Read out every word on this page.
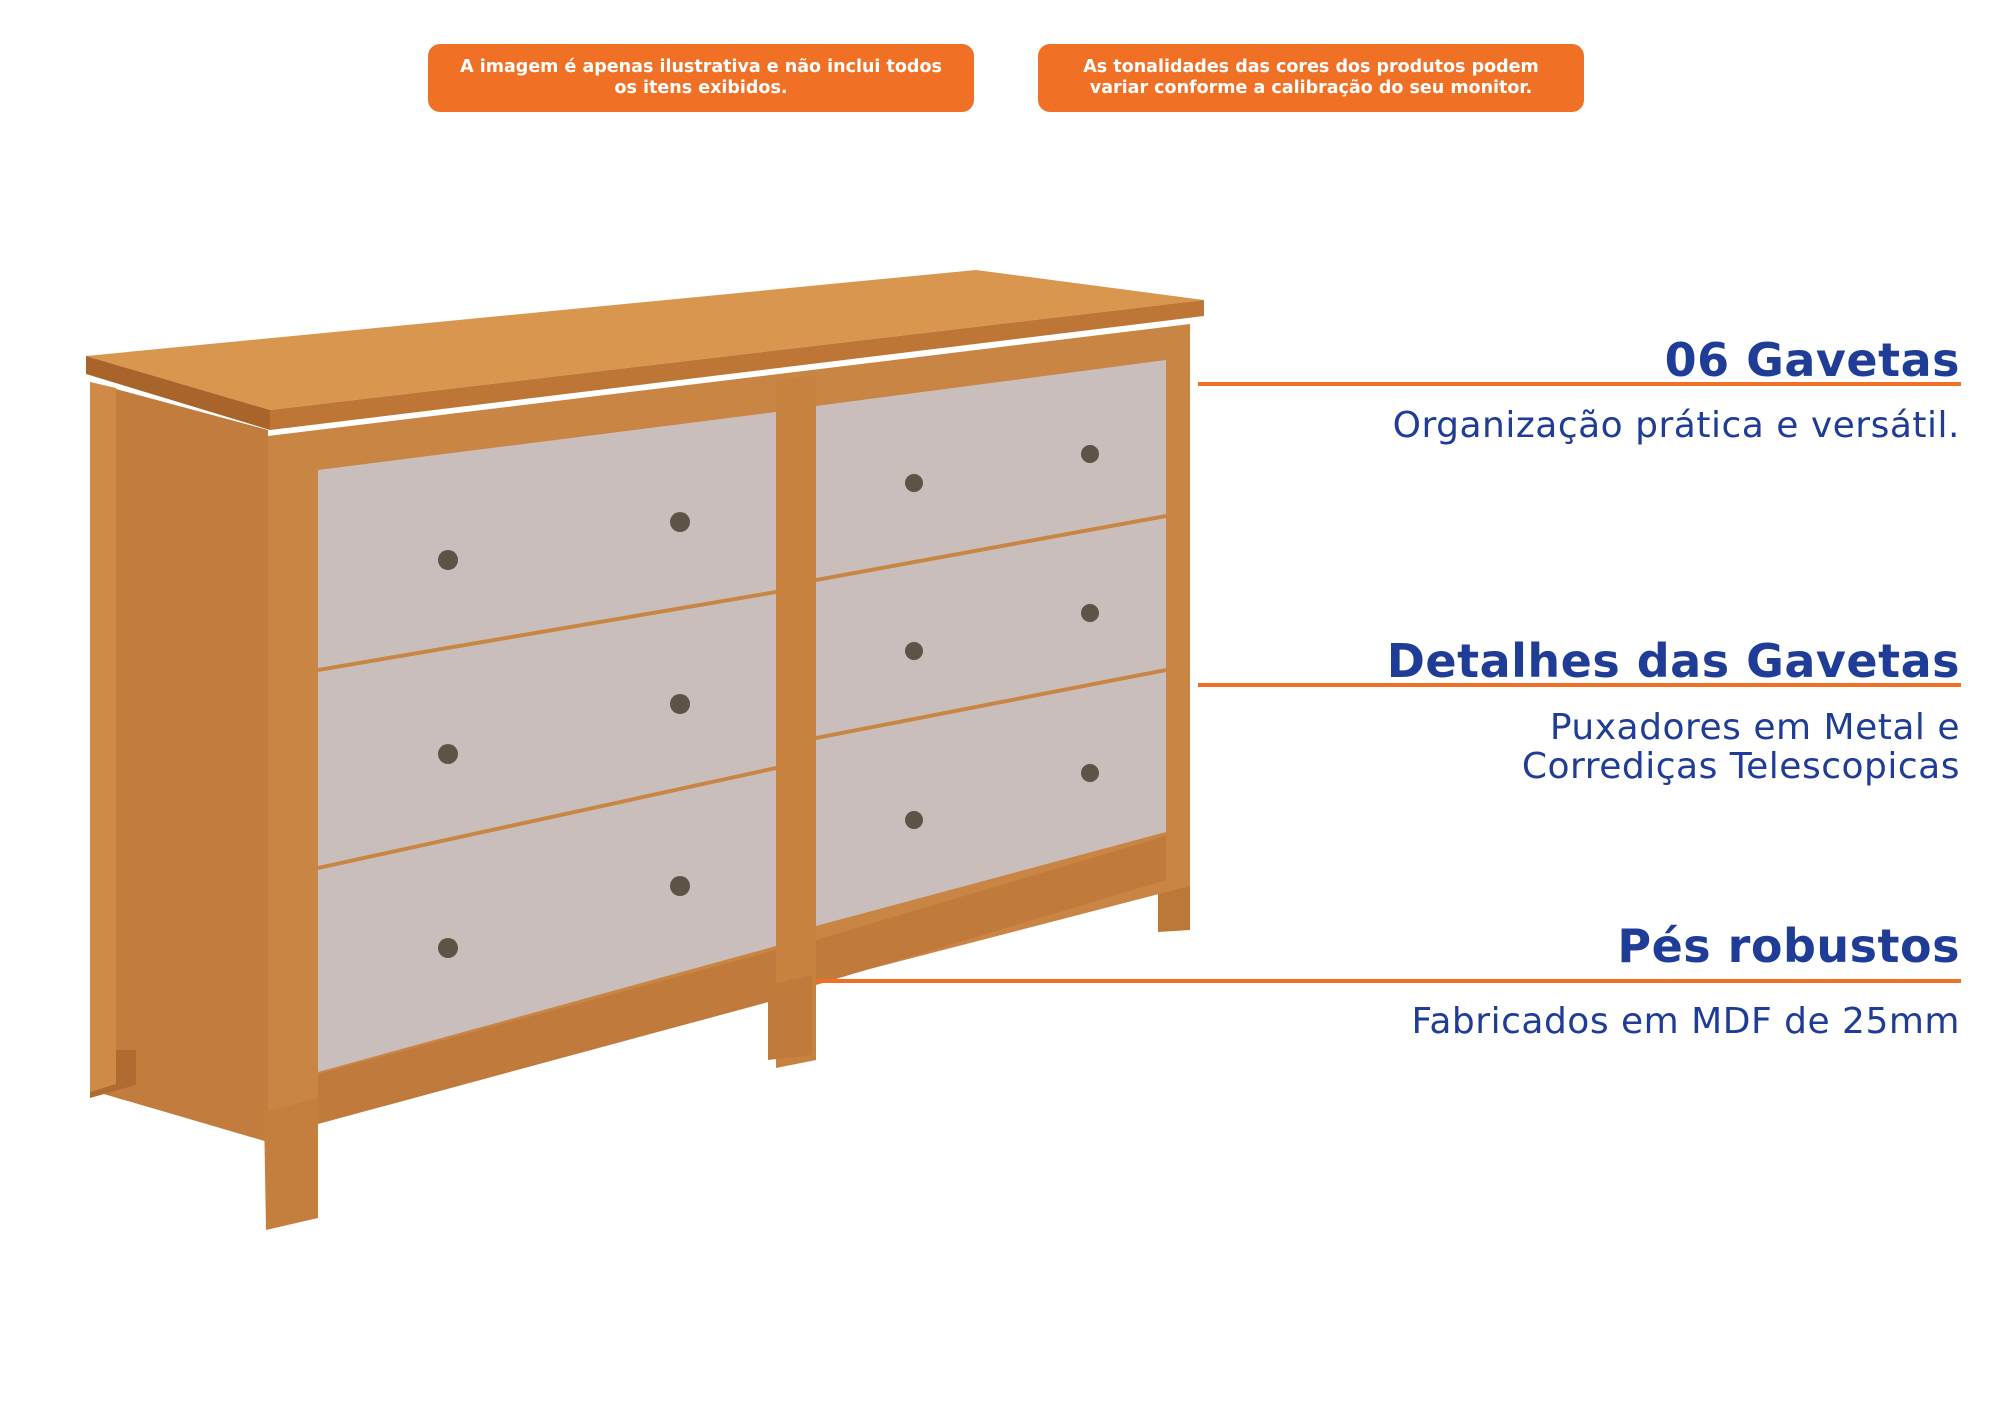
A imagem é apenas ilustrativa e não inclui todos os itens exibidos.
As tonalidades das cores dos produtos podem variar conforme a calibração do seu monitor.
06 Gavetas
Organização prática e versátil.
Detalhes das Gavetas
Puxadores em Metal e
Corrediças Telescopicas
Pés robustos
Fabricados em MDF de 25mm
